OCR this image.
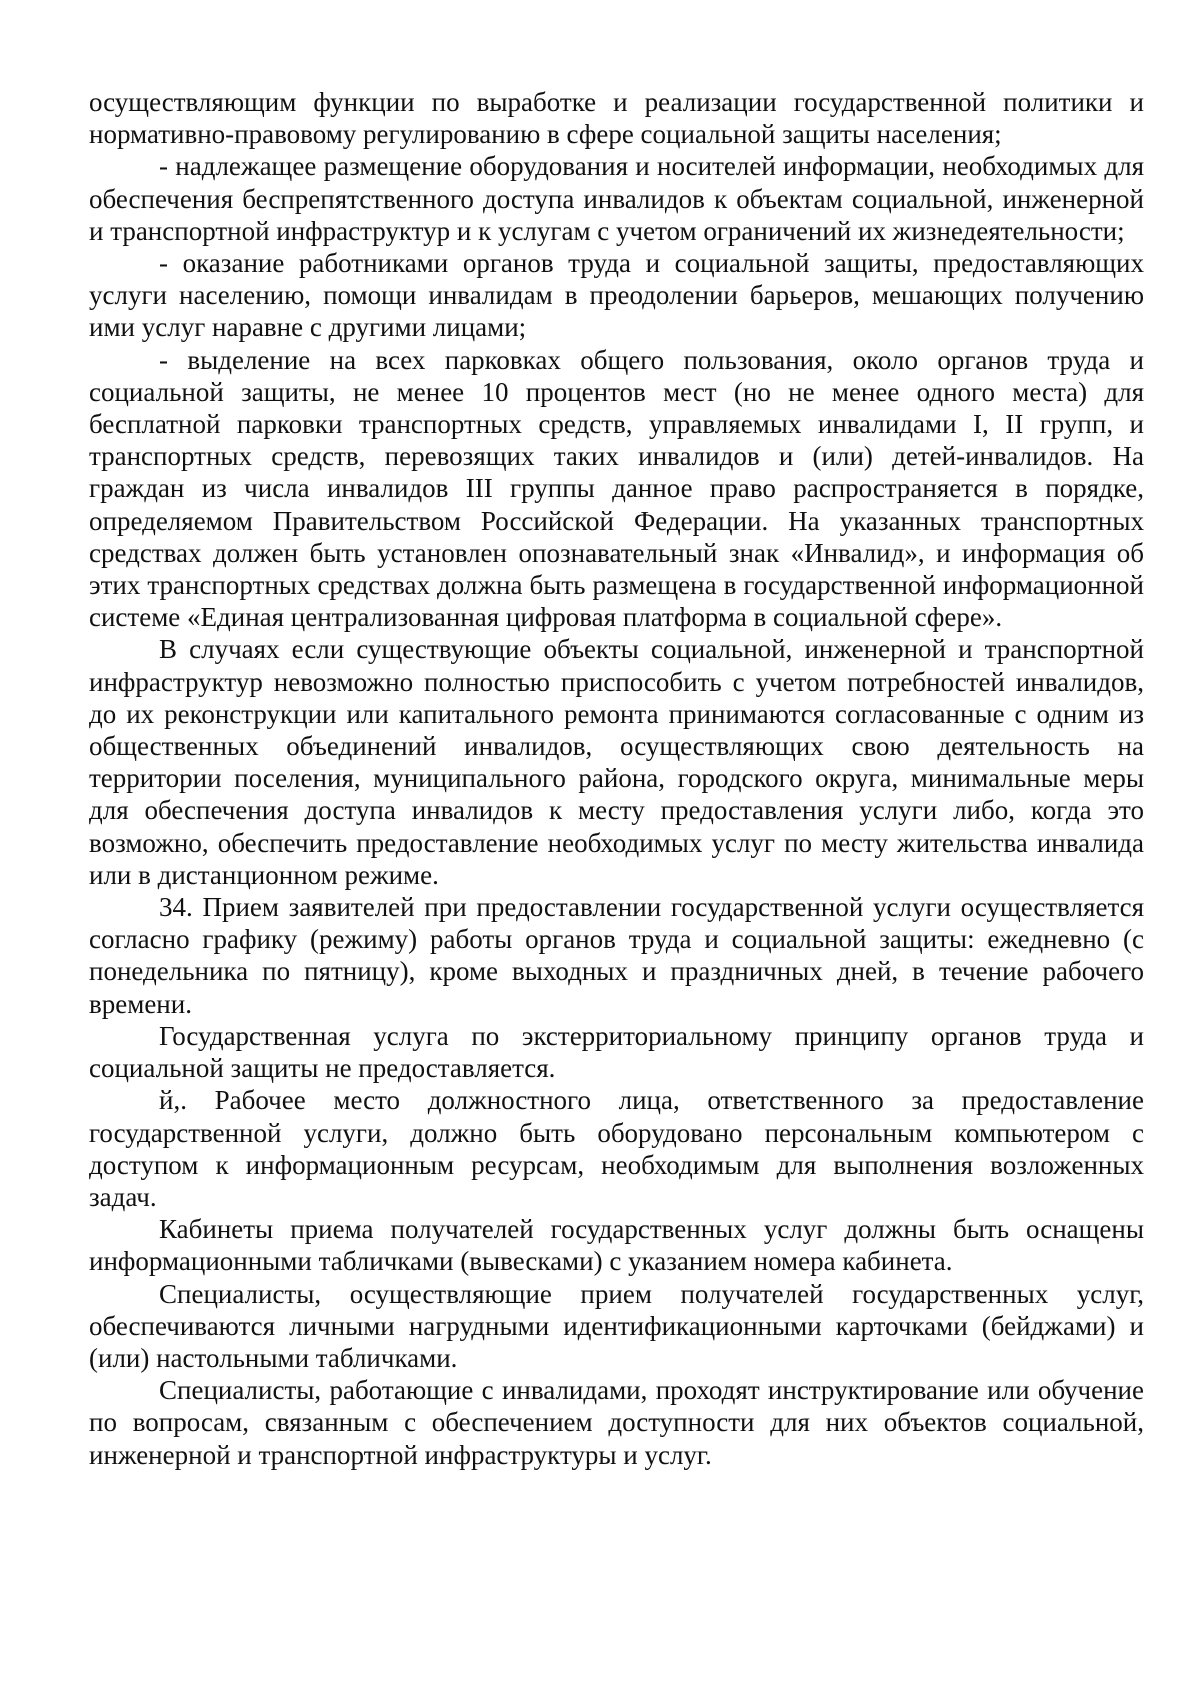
осуществляющим функции по выработке и реализации государственной политики и нормативно-правовому регулированию в сфере социальной защиты населения;

- надлежащее размещение оборудования и носителей информации, необходимых для обеспечения беспрепятственного доступа инвалидов к объектам социальной, инженерной и транспортной инфраструктур и к услугам с учетом ограничений их жизнедеятельности;

- оказание работниками органов труда и социальной защиты, предоставляющих услуги населению, помощи инвалидам в преодолении барьеров, мешающих получению ими услуг наравне с другими лицами;

- выделение на всех парковках общего пользования, около органов труда и социальной защиты, не менее 10 процентов мест (но не менее одного места) для бесплатной парковки транспортных средств, управляемых инвалидами I, II групп, и транспортных средств, перевозящих таких инвалидов и (или) детей-инвалидов. На граждан из числа инвалидов III группы данное право распространяется в порядке, определяемом Правительством Российской Федерации. На указанных транспортных средствах должен быть установлен опознавательный знак «Инвалид», и информация об этих транспортных средствах должна быть размещена в государственной информационной системе «Единая централизованная цифровая платформа в социальной сфере».

В случаях если существующие объекты социальной, инженерной и транспортной инфраструктур невозможно полностью приспособить с учетом потребностей инвалидов, до их реконструкции или капитального ремонта принимаются согласованные с одним из общественных объединений инвалидов, осуществляющих свою деятельность на территории поселения, муниципального района, городского округа, минимальные меры для обеспечения доступа инвалидов к месту предоставления услуги либо, когда это возможно, обеспечить предоставление необходимых услуг по месту жительства инвалида или в дистанционном режиме.

34. Прием заявителей при предоставлении государственной услуги осуществляется согласно графику (режиму) работы органов труда и социальной защиты: ежедневно (с понедельника по пятницу), кроме выходных и праздничных дней, в течение рабочего времени.

Государственная услуга по экстерриториальному принципу органов труда и социальной защиты не предоставляется.

й,. Рабочее место должностного лица, ответственного за предоставление государственной услуги, должно быть оборудовано персональным компьютером с доступом к информационным ресурсам, необходимым для выполнения возложенных задач.

Кабинеты приема получателей государственных услуг должны быть оснащены информационными табличками (вывесками) с указанием номера кабинета.

Специалисты, осуществляющие прием получателей государственных услуг, обеспечиваются личными нагрудными идентификационными карточками (бейджами) и (или) настольными табличками.

Специалисты, работающие с инвалидами, проходят инструктирование или обучение по вопросам, связанным с обеспечением доступности для них объектов социальной, инженерной и транспортной инфраструктуры и услуг.
